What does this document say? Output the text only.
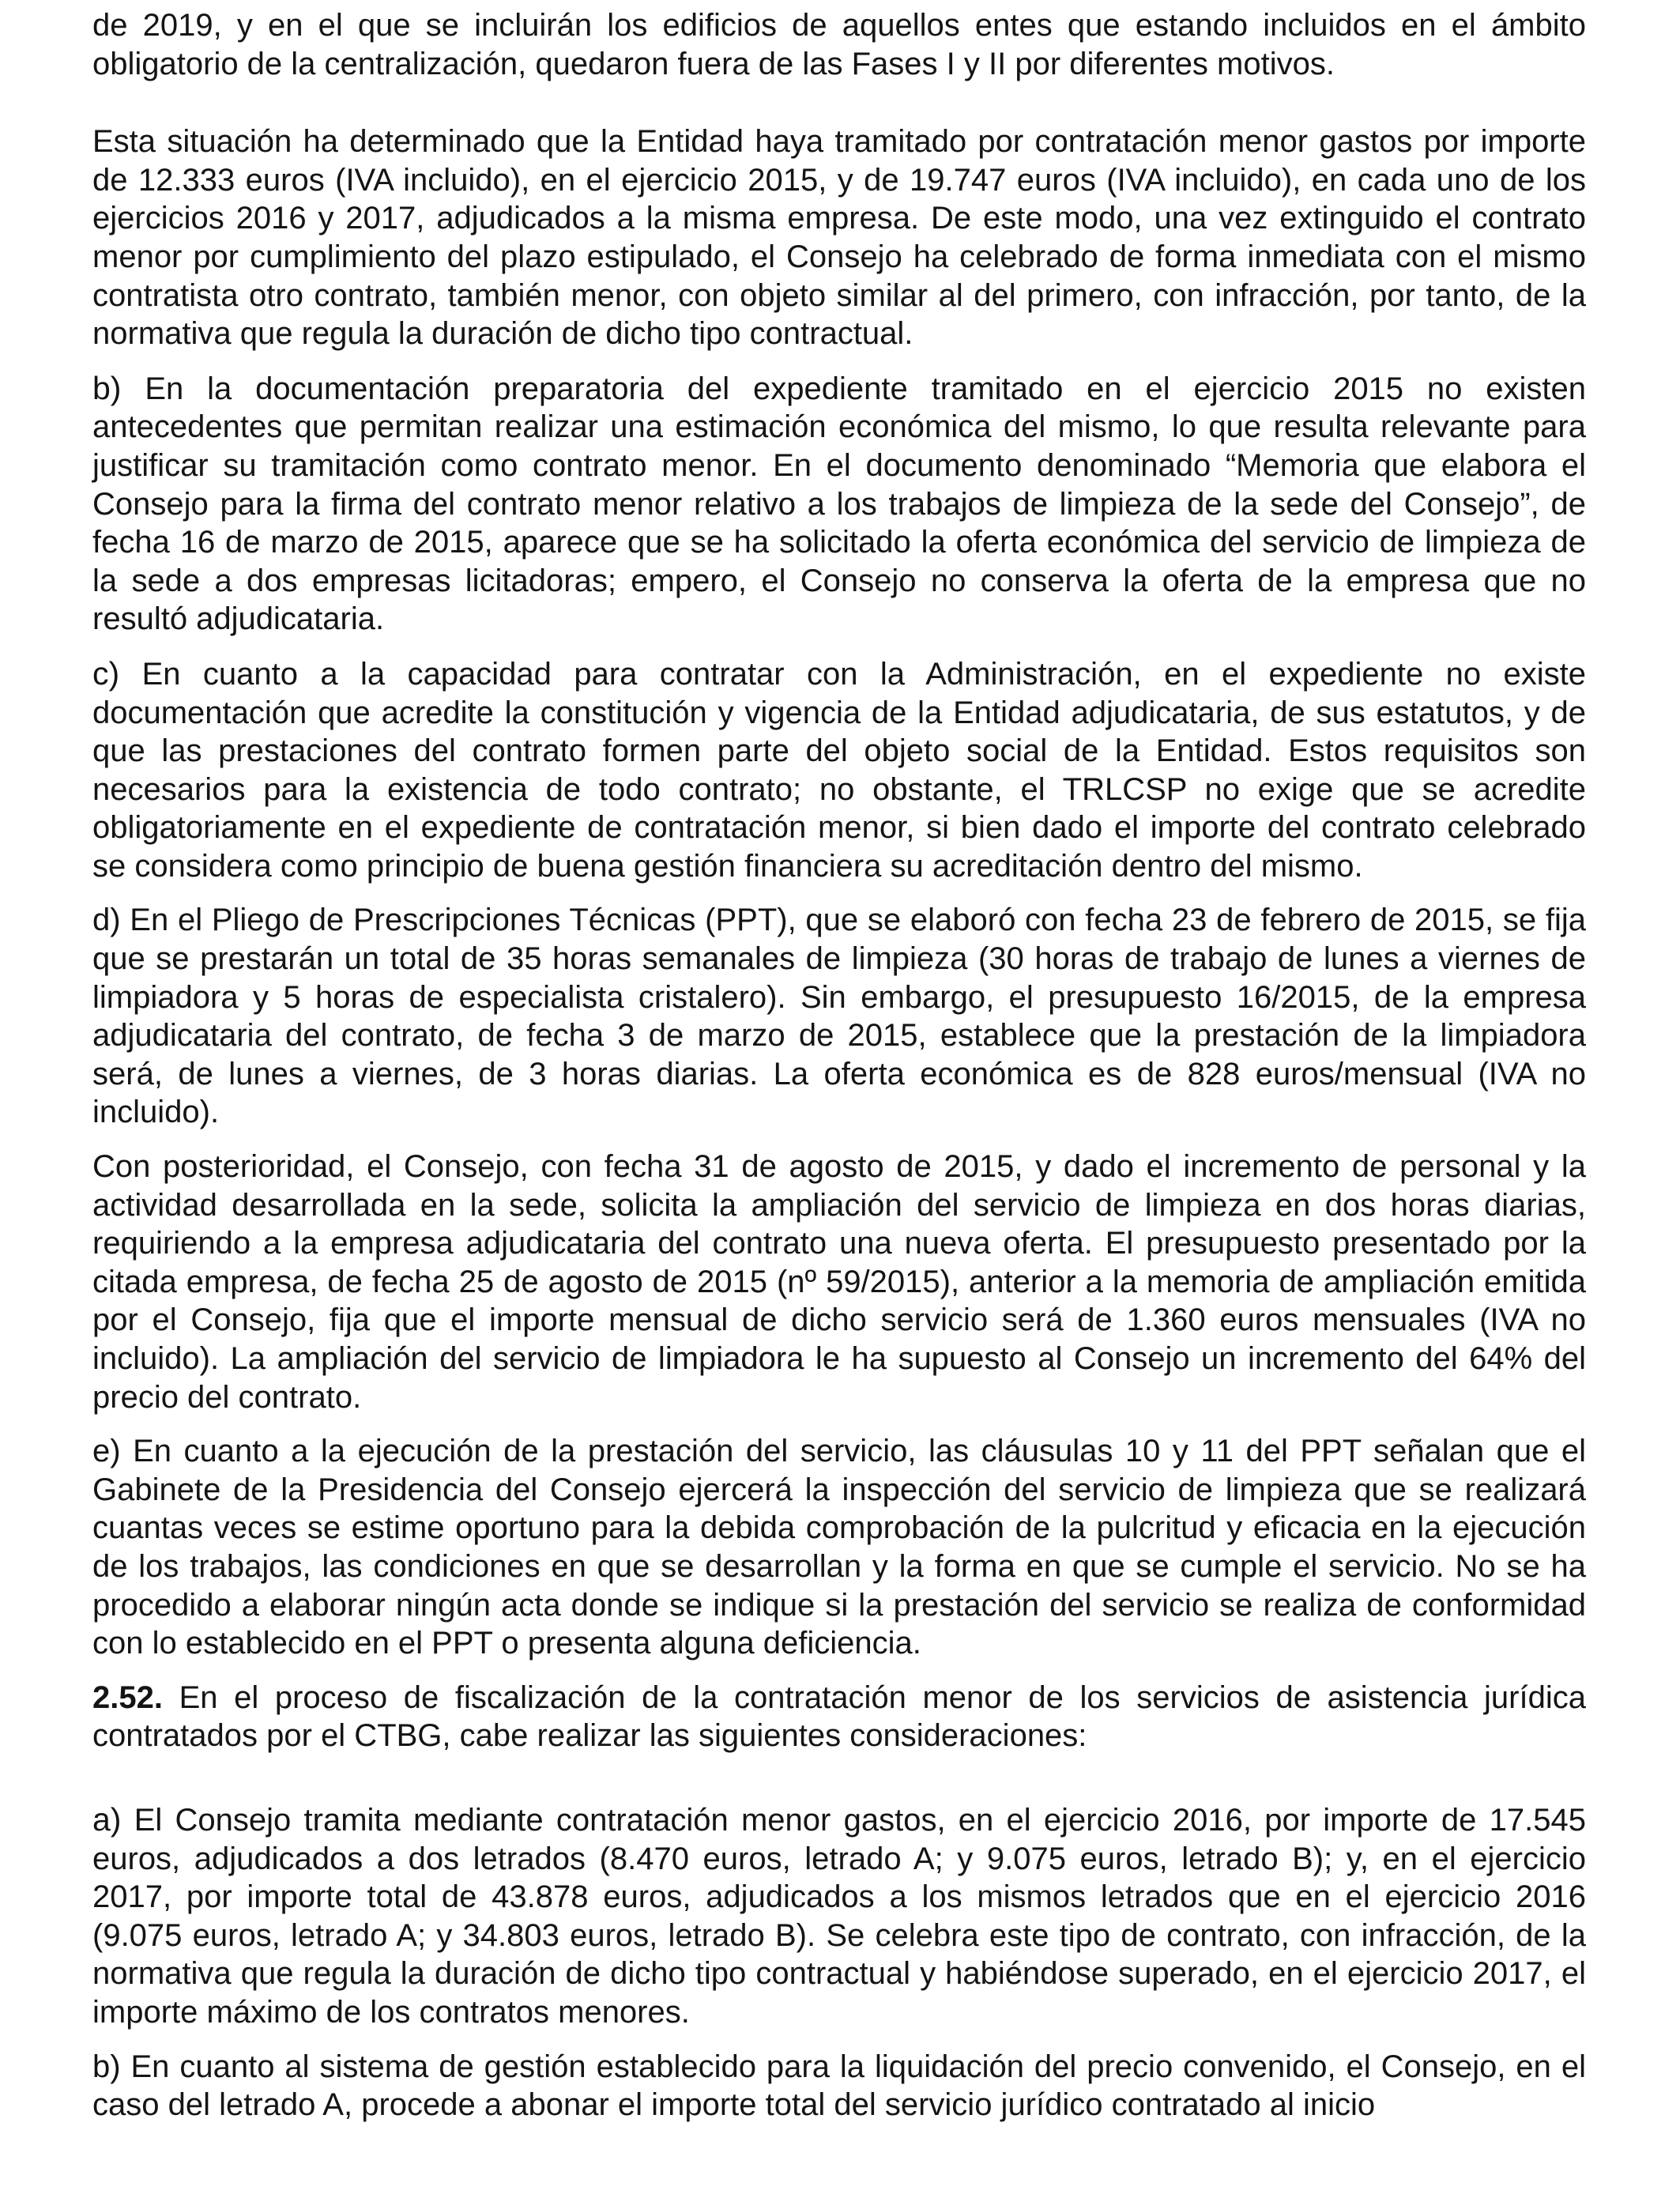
de 2019, y en el que se incluirán los edificios de aquellos entes que estando incluidos en el ámbito obligatorio de la centralización, quedaron fuera de las Fases I y II por diferentes motivos.

Esta situación ha determinado que la Entidad haya tramitado por contratación menor gastos por importe de 12.333 euros (IVA incluido), en el ejercicio 2015, y de 19.747 euros (IVA incluido), en cada uno de los ejercicios 2016 y 2017, adjudicados a la misma empresa. De este modo, una vez extinguido el contrato menor por cumplimiento del plazo estipulado, el Consejo ha celebrado de forma inmediata con el mismo contratista otro contrato, también menor, con objeto similar al del primero, con infracción, por tanto, de la normativa que regula la duración de dicho tipo contractual.

b) En la documentación preparatoria del expediente tramitado en el ejercicio 2015 no existen antecedentes que permitan realizar una estimación económica del mismo, lo que resulta relevante para justificar su tramitación como contrato menor. En el documento denominado “Memoria que elabora el Consejo para la firma del contrato menor relativo a los trabajos de limpieza de la sede del Consejo”, de fecha 16 de marzo de 2015, aparece que se ha solicitado la oferta económica del servicio de limpieza de la sede a dos empresas licitadoras; empero, el Consejo no conserva la oferta de la empresa que no resultó adjudicataria.

c) En cuanto a la capacidad para contratar con la Administración, en el expediente no existe documentación que acredite la constitución y vigencia de la Entidad adjudicataria, de sus estatutos, y de que las prestaciones del contrato formen parte del objeto social de la Entidad. Estos requisitos son necesarios para la existencia de todo contrato; no obstante, el TRLCSP no exige que se acredite obligatoriamente en el expediente de contratación menor, si bien dado el importe del contrato celebrado se considera como principio de buena gestión financiera su acreditación dentro del mismo.

d) En el Pliego de Prescripciones Técnicas (PPT), que se elaboró con fecha 23 de febrero de 2015, se fija que se prestarán un total de 35 horas semanales de limpieza (30 horas de trabajo de lunes a viernes de limpiadora y 5 horas de especialista cristalero). Sin embargo, el presupuesto 16/2015, de la empresa adjudicataria del contrato, de fecha 3 de marzo de 2015, establece que la prestación de la limpiadora será, de lunes a viernes, de 3 horas diarias. La oferta económica es de 828 euros/mensual (IVA no incluido).

Con posterioridad, el Consejo, con fecha 31 de agosto de 2015, y dado el incremento de personal y la actividad desarrollada en la sede, solicita la ampliación del servicio de limpieza en dos horas diarias, requiriendo a la empresa adjudicataria del contrato una nueva oferta. El presupuesto presentado por la citada empresa, de fecha 25 de agosto de 2015 (nº 59/2015), anterior a la memoria de ampliación emitida por el Consejo, fija que el importe mensual de dicho servicio será de 1.360 euros mensuales (IVA no incluido). La ampliación del servicio de limpiadora le ha supuesto al Consejo un incremento del 64% del precio del contrato.

e) En cuanto a la ejecución de la prestación del servicio, las cláusulas 10 y 11 del PPT señalan que el Gabinete de la Presidencia del Consejo ejercerá la inspección del servicio de limpieza que se realizará cuantas veces se estime oportuno para la debida comprobación de la pulcritud y eficacia en la ejecución de los trabajos, las condiciones en que se desarrollan y la forma en que se cumple el servicio. No se ha procedido a elaborar ningún acta donde se indique si la prestación del servicio se realiza de conformidad con lo establecido en el PPT o presenta alguna deficiencia.

2.52. En el proceso de fiscalización de la contratación menor de los servicios de asistencia jurídica contratados por el CTBG, cabe realizar las siguientes consideraciones:

a) El Consejo tramita mediante contratación menor gastos, en el ejercicio 2016, por importe de 17.545 euros, adjudicados a dos letrados (8.470 euros, letrado A; y 9.075 euros, letrado B); y, en el ejercicio 2017, por importe total de 43.878 euros, adjudicados a los mismos letrados que en el ejercicio 2016 (9.075 euros, letrado A; y 34.803 euros, letrado B). Se celebra este tipo de contrato, con infracción, de la normativa que regula la duración de dicho tipo contractual y habiéndose superado, en el ejercicio 2017, el importe máximo de los contratos menores.

b) En cuanto al sistema de gestión establecido para la liquidación del precio convenido, el Consejo, en el caso del letrado A, procede a abonar el importe total del servicio jurídico contratado al inicio
